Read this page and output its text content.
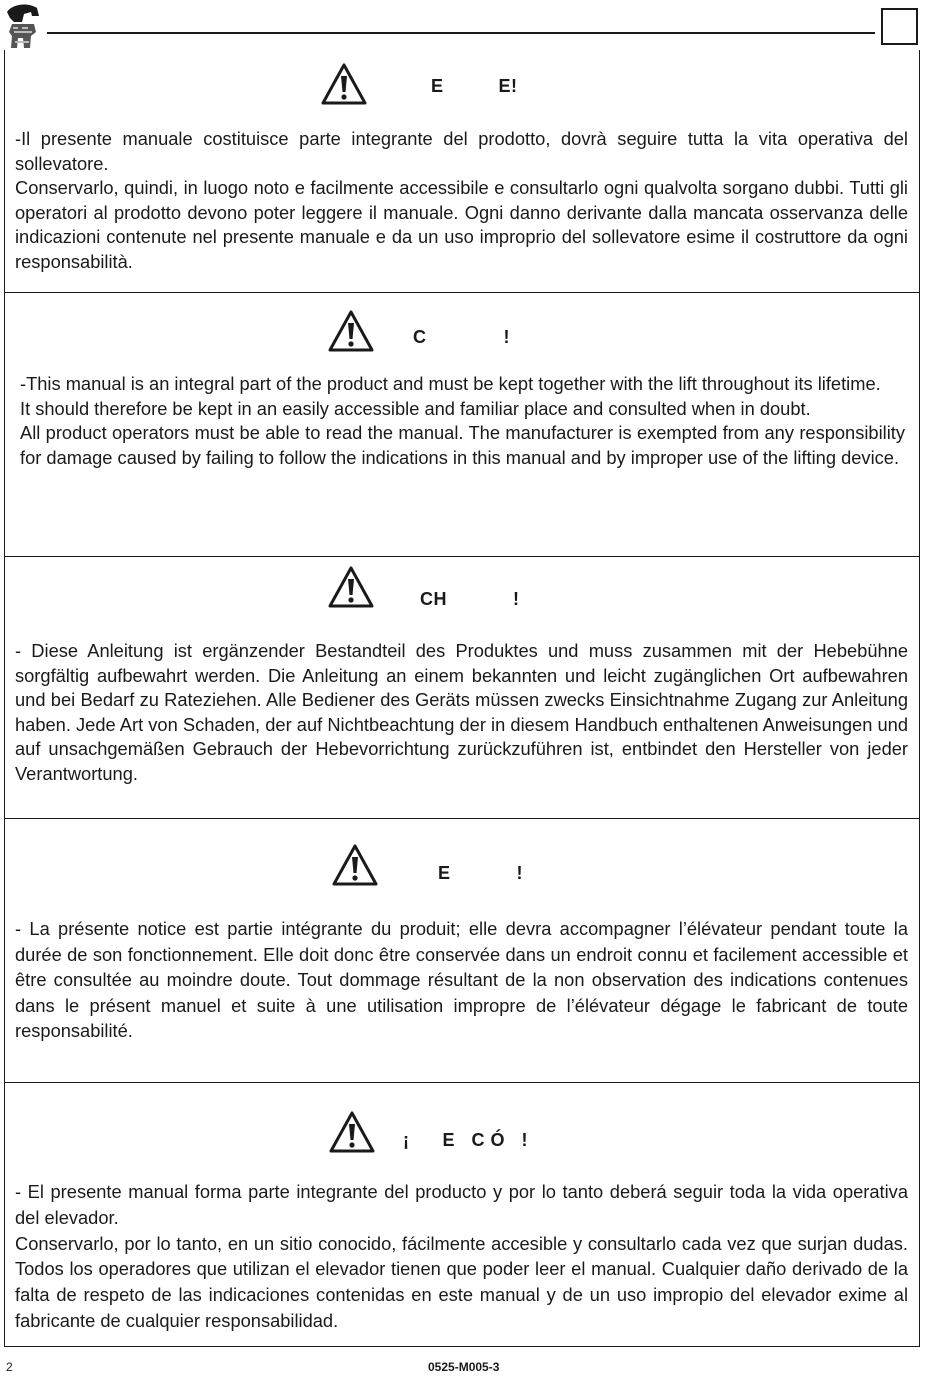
E          E!

-Il presente manuale costituisce parte integrante del prodotto, dovrà seguire tutta la vita operativa del sollevatore.

Conservarlo, quindi, in luogo noto e facilmente accessibile e consultarlo ogni qualvolta sorgano dubbi. Tutti gli operatori al prodotto devono poter leggere il manuale. Ogni danno derivante dalla mancata osservanza delle indicazioni contenute nel presente manuale e da un uso improprio del sollevatore esime il costruttore da ogni responsabilità.

C              !

-This manual is an integral part of the product and must be kept together with the lift throughout its lifetime.

It should therefore be kept in an easily accessible and familiar place and consulted when in doubt.

All product operators must be able to read the manual. The manufacturer is exempted from any responsibility for damage caused by failing to follow the indications in this manual and by improper use of the lifting device.

CH            !

- Diese Anleitung ist ergänzender Bestandteil des Produktes und muss zusammen mit der Hebebühne sorgfältig aufbewahrt werden. Die Anleitung an einem bekannten und leicht zugänglichen Ort aufbewahren und bei Bedarf zu Rateziehen. Alle Bediener des Geräts müssen zwecks Einsichtnahme Zugang zur Anleitung haben. Jede Art von Schaden, der auf Nichtbeachtung der in diesem Handbuch enthaltenen Anweisungen und auf unsachgemäßen Gebrauch der Hebevorrichtung zurückzuführen ist, entbindet den Hersteller von jeder Verantwortung.

E            !

- La présente notice est partie intégrante du produit; elle devra accompagner l’élévateur pendant toute la durée de son fonctionnement. Elle doit donc être conservée dans un endroit connu et facilement accessible et être consultée au moindre doute. Tout dommage résultant de la non observation des indications contenues dans le présent manuel et suite à une utilisation impropre de l’élévateur dégage le fabricant de toute responsabilité.

¡      E   C Ó   !

- El presente manual forma parte integrante del producto y por lo tanto deberá seguir toda la vida operativa del elevador.

Conservarlo, por lo tanto, en un sitio conocido, fácilmente accesible y consultarlo cada vez que surjan dudas. Todos los operadores que utilizan el elevador tienen que poder leer el manual. Cualquier daño derivado de la falta de respeto de las indicaciones contenidas en este manual y de un uso impropio del elevador exime al fabricante de cualquier responsabilidad.

2	0525-M005-3
